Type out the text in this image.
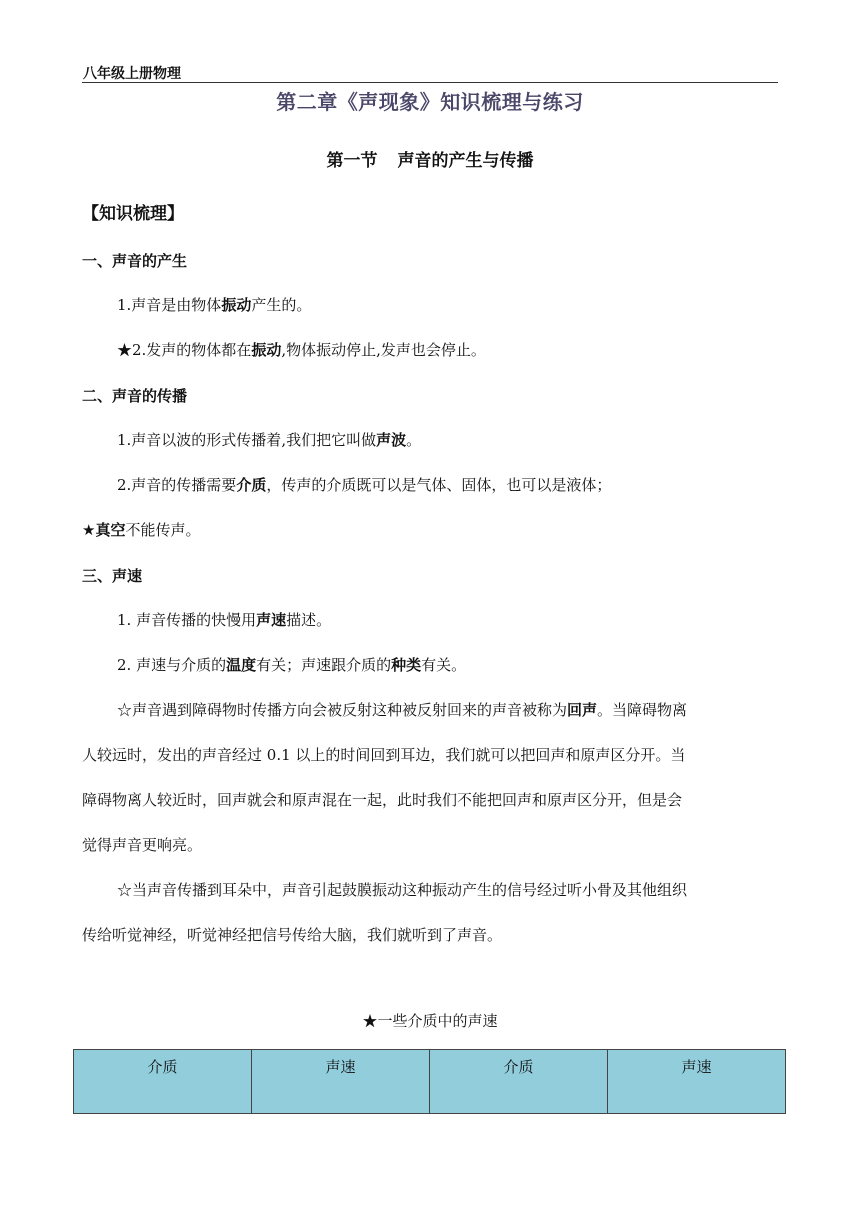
八年级上册物理
第二章《声现象》知识梳理与练习
第一节 声音的产生与传播
【知识梳理】
一、声音的产生
1.声音是由物体振动产生的。
★2.发声的物体都在振动,物体振动停止,发声也会停止。
二、声音的传播
1.声音以波的形式传播着,我们把它叫做声波。
2.声音的传播需要介质，传声的介质既可以是气体、固体，也可以是液体；
★真空不能传声。
三、声速
1. 声音传播的快慢用声速描述。
2. 声速与介质的温度有关；声速跟介质的种类有关。
☆声音遇到障碍物时传播方向会被反射这种被反射回来的声音被称为回声。当障碍物离
人较远时，发出的声音经过 0.1 以上的时间回到耳边，我们就可以把回声和原声区分开。当
障碍物离人较近时，回声就会和原声混在一起，此时我们不能把回声和原声区分开，但是会
觉得声音更响亮。
☆当声音传播到耳朵中，声音引起鼓膜振动这种振动产生的信号经过听小骨及其他组织
传给听觉神经，听觉神经把信号传给大脑，我们就听到了声音。
★一些介质中的声速
介质	声速	介质	声速
